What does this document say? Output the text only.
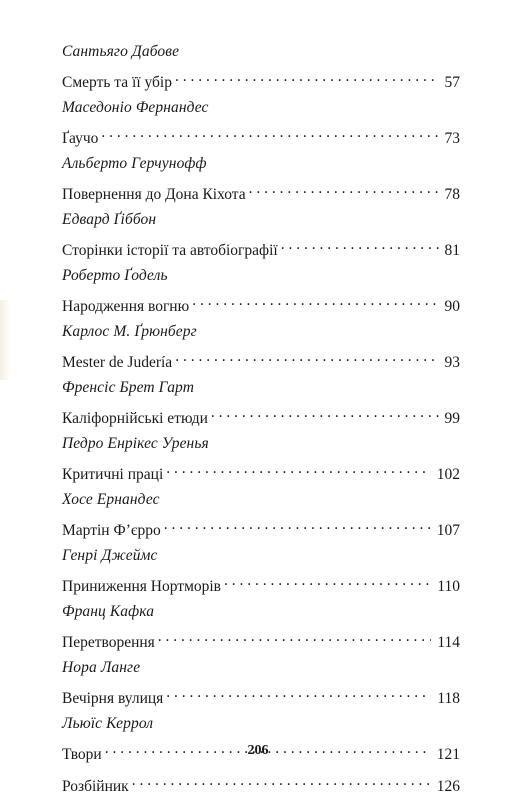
Сантьяго Дабове
Смерть та її убір . . .	57
Маседоніо Фернандес
Ґаучо . . .	73
Альберто Герчунофф
Повернення до Дона Кіхота . . .	78
Едвард Ґіббон
Сторінки історії та автобіографії . . .	81
Роберто Ґодель
Народження вогню . . .	90
Карлос М. Ґрюнберг
Mester de Judería . . .	93
Френсіс Брет Гарт
Каліфорнійські етюди . . .	99
Педро Енрікес Уренья
Критичні праці . . .	102
Хосе Ернандес
Мартін Ф’єрро . . .	107
Генрі Джеймс
Приниження Нортморів . . .	110
Франц Кафка
Перетворення . . .	114
Нора Ланге
Вечірня вулиця . . .	118
Льюїс Керрол
Твори . . .	121
Розбійник . . .	126
206
